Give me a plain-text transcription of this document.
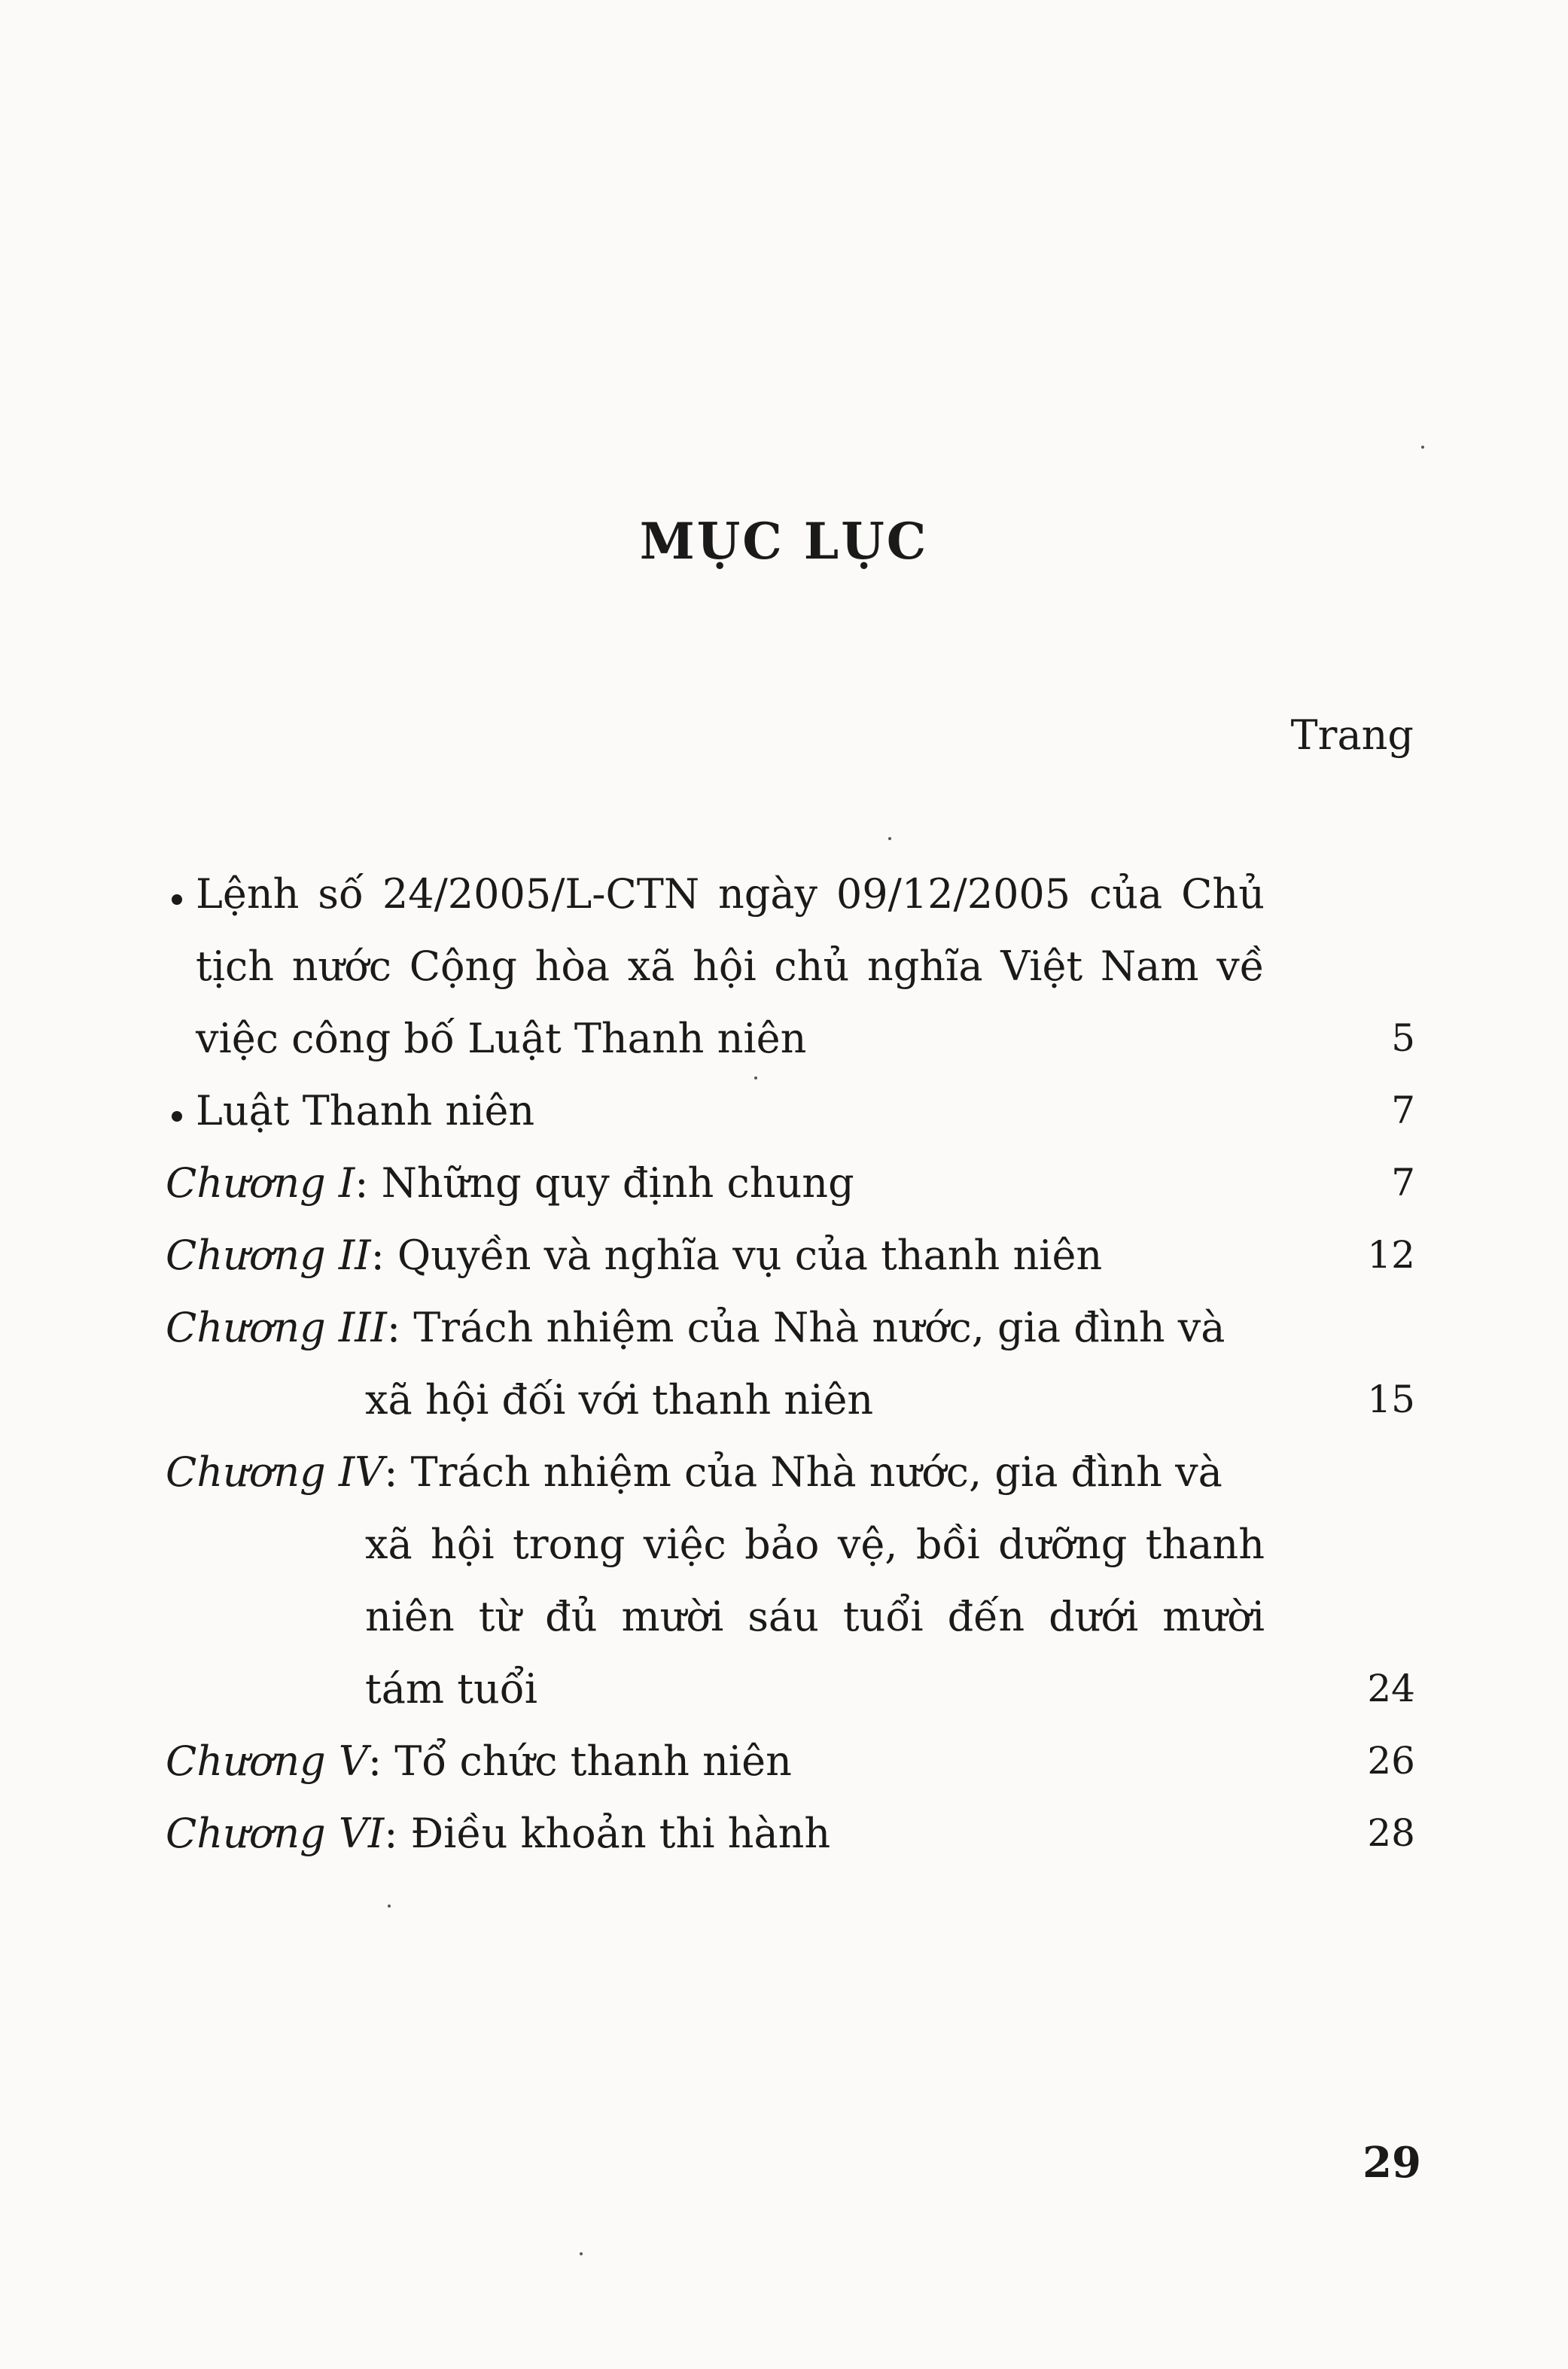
MỤC LỤC
Trang
Lệnh số 24/2005/L-CTN ngày 09/12/2005 của Chủ tịch nước Cộng hòa xã hội chủ nghĩa Việt Nam về việc công bố Luật Thanh niên	5
Luật Thanh niên	7
Chương I: Những quy định chung	7
Chương II: Quyền và nghĩa vụ của thanh niên	12
Chương III: Trách nhiệm của Nhà nước, gia đình và
xã hội đối với thanh niên	15
Chương IV: Trách nhiệm của Nhà nước, gia đình và
xã hội trong việc bảo vệ, bồi dưỡng thanh niên từ đủ mười sáu tuổi đến dưới mười tám tuổi	24
Chương V: Tổ chức thanh niên	26
Chương VI: Điều khoản thi hành	28
29
